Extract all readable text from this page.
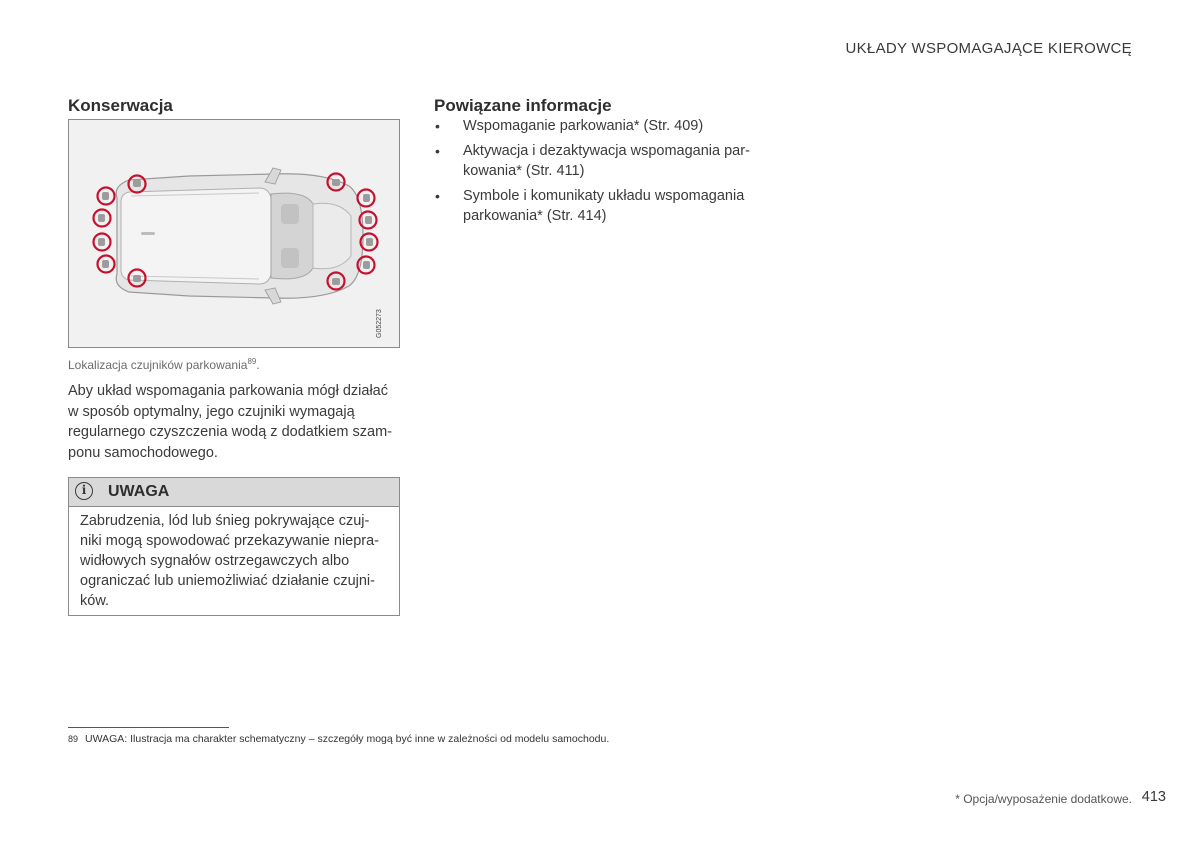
UKŁADY WSPOMAGAJĄCE KIEROWCĘ
Konserwacja
G052273
Lokalizacja czujników parkowania$^{89}$.
Aby układ wspomagania parkowania mógł działać
w sposób optymalny, jego czujniki wymagają
regularnego czyszczenia wodą z dodatkiem szam-
ponu samochodowego.
i	UWAGA
Zabrudzenia, lód lub śnieg pokrywające czuj-
niki mogą spowodować przekazywanie niepra-
widłowych sygnałów ostrzegawczych albo
ograniczać lub uniemożliwiać działanie czujni-
ków.
Powiązane informacje
• Wspomaganie parkowania* (Str. 409)
• Aktywacja i dezaktywacja wspomagania par-
kowania* (Str. 411)
• Symbole i komunikaty układu wspomagania
parkowania* (Str. 414)
89 UWAGA: Ilustracja ma charakter schematyczny – szczegóły mogą być inne w zależności od modelu samochodu.
* Opcja/wyposażenie dodatkowe. 413
